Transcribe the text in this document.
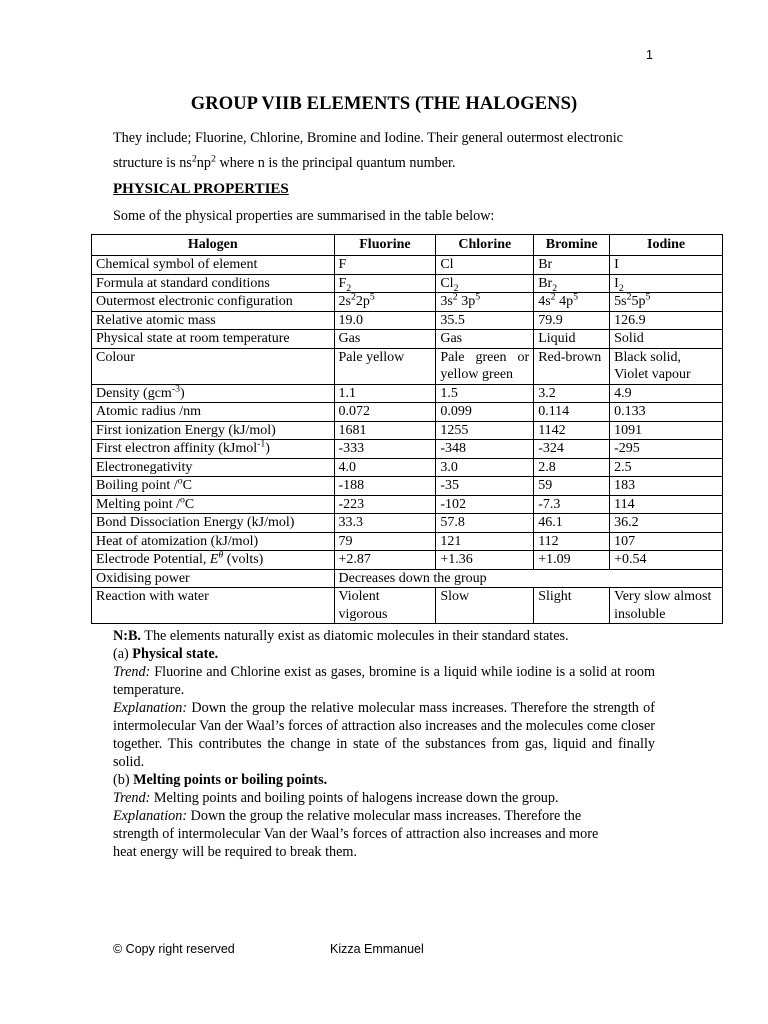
1
GROUP VIIB ELEMENTS (THE HALOGENS)

They include; Fluorine, Chlorine, Bromine and Iodine. Their general outermost electronic structure is $ns^2np^2$ where n is the principal quantum number.

PHYSICAL PROPERTIES

Some of the physical properties are summarised in the table below:

Halogen	Fluorine	Chlorine	Bromine	Iodine
Chemical symbol of element	F	Cl	Br	I
Formula at standard conditions	$F_2$	$Cl_2$	$Br_2$	$I_2$
Outermost electronic configuration	$2s^22p^5$	$3s^2$ $3p^5$	$4s^2$ $4p^5$	$5s^25p^5$
Relative atomic mass	19.0	35.5	79.9	126.9
Physical state at room temperature	Gas	Gas	Liquid	Solid
Colour	Pale yellow	Pale green or yellow green	Red-brown	Black solid,
Violet vapour
Density (gcm$^{-3}$)	1.1	1.5	3.2	4.9
Atomic radius /nm	0.072	0.099	0.114	0.133
First ionization Energy (kJ/mol)	1681	1255	1142	1091
First electron affinity (kJmol$^{-1}$)	-333	-348	-324	-295
Electronegativity	4.0	3.0	2.8	2.5
Boiling point /$^o$C	-188	-35	59	183
Melting point /$^o$C	-223	-102	-7.3	114
Bond Dissociation Energy (kJ/mol)	33.3	57.8	46.1	36.2
Heat of atomization (kJ/mol)	79	121	112	107
Electrode Potential, $E^\theta$ (volts)	+2.87	+1.36	+1.09	+0.54
Oxidising power	Decreases down the group			
Reaction with water	Violent vigorous	Slow	Slight	Very slow almost insoluble

N:B. The elements naturally exist as diatomic molecules in their standard states.

(a) Physical state.

Trend: Fluorine and Chlorine exist as gases, bromine is a liquid while iodine is a solid at room temperature.

Explanation: Down the group the relative molecular mass increases. Therefore the strength of intermolecular Van der Waal’s forces of attraction also increases and the molecules come closer together. This contributes the change in state of the substances from gas, liquid and finally solid.

(b) Melting points or boiling points.

Trend: Melting points and boiling points of halogens increase down the group.

Explanation: Down the group the relative molecular mass increases. Therefore the
strength of intermolecular Van der Waal’s forces of attraction also increases and more
heat energy will be required to break them.

© Copy right reserved	Kizza Emmanuel
